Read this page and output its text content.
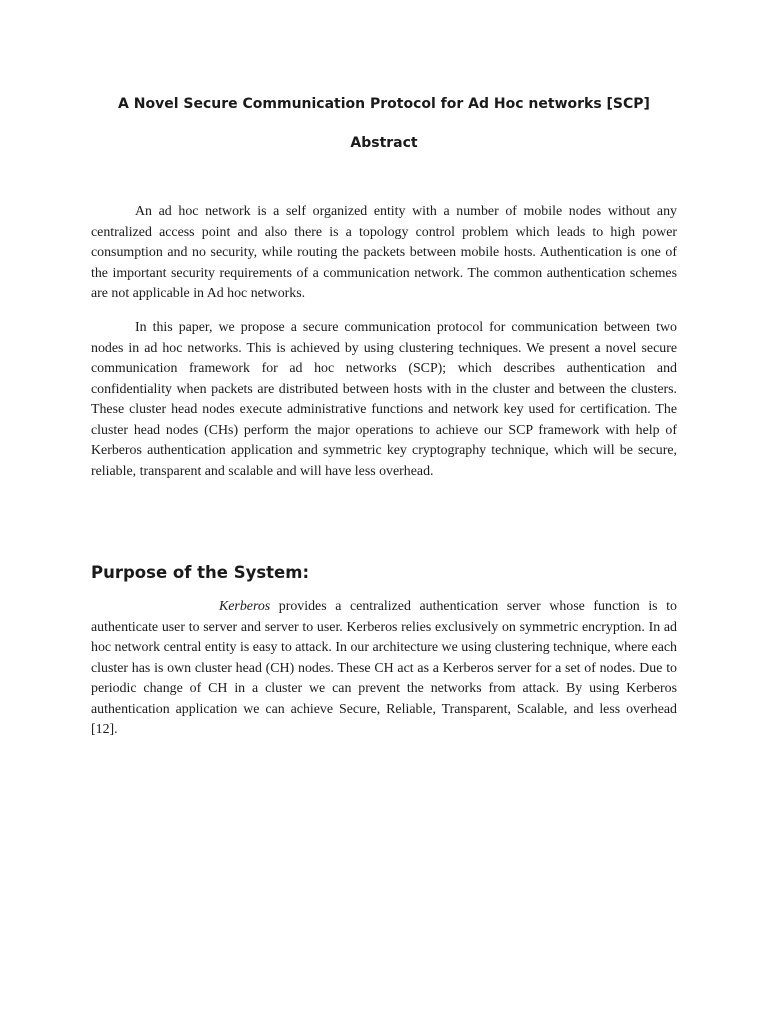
A Novel Secure Communication Protocol for Ad Hoc networks [SCP]
Abstract

An ad hoc network is a self organized entity with a number of mobile nodes without any centralized access point and also there is a topology control problem which leads to high power consumption and no security, while routing the packets between mobile hosts. Authentication is one of the important security requirements of a communication network. The common authentication schemes are not applicable in Ad hoc networks.

In this paper, we propose a secure communication protocol for communication between two nodes in ad hoc networks. This is achieved by using clustering techniques. We present a novel secure communication framework for ad hoc networks (SCP); which describes authentication and confidentiality when packets are distributed between hosts with in the cluster and between the clusters. These cluster head nodes execute administrative functions and network key used for certification. The cluster head nodes (CHs) perform the major operations to achieve our SCP framework with help of Kerberos authentication application and symmetric key cryptography technique, which will be secure, reliable, transparent and scalable and will have less overhead.

Purpose of the System:

Kerberos provides a centralized authentication server whose function is to authenticate user to server and server to user. Kerberos relies exclusively on symmetric encryption. In ad hoc network central entity is easy to attack. In our architecture we using clustering technique, where each cluster has is own cluster head (CH) nodes. These CH act as a Kerberos server for a set of nodes. Due to periodic change of CH in a cluster we can prevent the networks from attack. By using Kerberos authentication application we can achieve Secure, Reliable, Transparent, Scalable, and less overhead [12].
